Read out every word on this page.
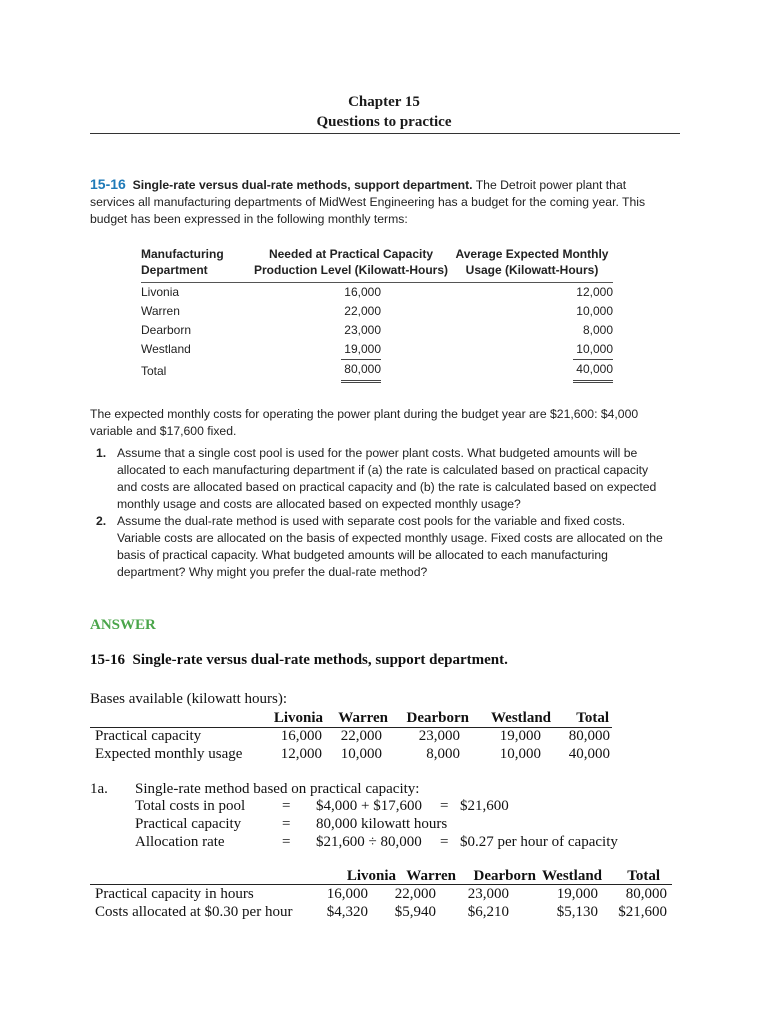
Chapter 15
Questions to practice
15-16 Single-rate versus dual-rate methods, support department. The Detroit power plant that services all manufacturing departments of MidWest Engineering has a budget for the coming year. This budget has been expressed in the following monthly terms:
Manufacturing Department	Needed at Practical Capacity Production Level (Kilowatt-Hours)	Average Expected Monthly Usage (Kilowatt-Hours)
Livonia	16,000	12,000
Warren	22,000	10,000
Dearborn	23,000	8,000
Westland	19,000	10,000
Total	80,000	40,000
The expected monthly costs for operating the power plant during the budget year are $21,600: $4,000 variable and $17,600 fixed.
1. Assume that a single cost pool is used for the power plant costs. What budgeted amounts will be allocated to each manufacturing department if (a) the rate is calculated based on practical capacity and costs are allocated based on practical capacity and (b) the rate is calculated based on expected monthly usage and costs are allocated based on expected monthly usage?
2. Assume the dual-rate method is used with separate cost pools for the variable and fixed costs. Variable costs are allocated on the basis of expected monthly usage. Fixed costs are allocated on the basis of practical capacity. What budgeted amounts will be allocated to each manufacturing department? Why might you prefer the dual-rate method?
ANSWER
15-16  Single-rate versus dual-rate methods, support department.
Bases available (kilowatt hours):
Livonia Warren Dearborn Westland Total
Practical capacity	16,000 22,000 23,000	19,000 80,000
Expected monthly usage	12,000 10,000	8,000	10,000 40,000
1a. Single-rate method based on practical capacity:
Total costs in pool = $4,000 + $17,600 = $21,600
Practical capacity	= 80,000 kilowatt hours
Allocation rate	= $21,600 ÷ 80,000 = $0.27 per hour of capacity
Livonia Warren Dearborn Westland Total
Practical capacity in hours	16,000 22,000 23,000	19,000 80,000
Costs allocated at $0.30 per hour $4,320 $5,940 $6,210	$5,130 $21,600
